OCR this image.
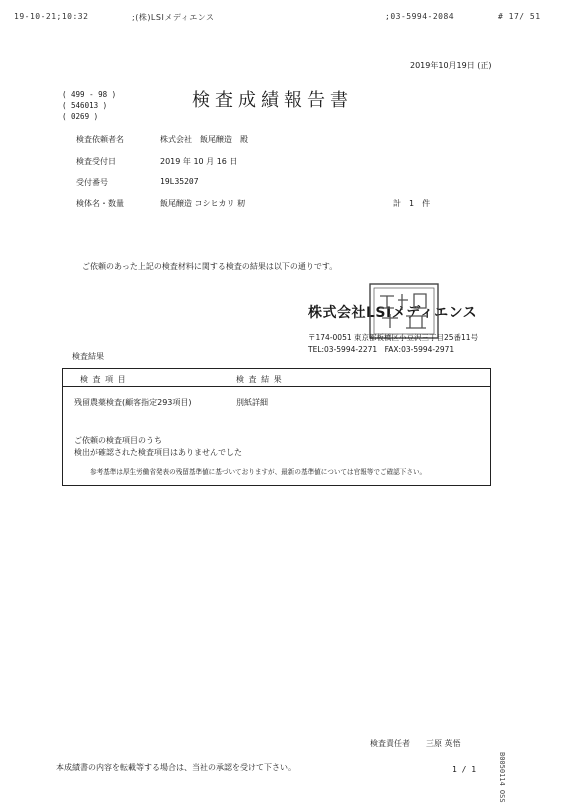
19-10-21;10:32	;(株)LSIメディエンス	;03-5994-2084	# 17/ 51
2019年10月19日 (正)
( 499 - 98 )
( 546013 )
( 0269 )
検査成績報告書
検査依頼者名	株式会社　飯尾醸造　殿
検査受付日	2019 年 10 月 16 日
受付番号	19L35207
検体名・数量	飯尾醸造 コシヒカリ 籾	計　1　件
ご依頼のあった上記の検査材料に関する検査の結果は以下の通りです。
株式会社LSIメディエンス
〒174-0051 東京都板橋区小豆沢三丁目25番11号
TEL:03-5994-2271　FAX:03-5994-2971
検査結果
検 査 項 目	検 査 結 果
残留農薬検査(顧客指定293項目)	別紙詳細
ご依頼の検査項目のうち
検出が確認された検査項目はありませんでした
参考基準は厚生労働省発表の残留基準値に基づいておりますが、最新の基準値については官報等でご確認下さい。
検査責任者 三原 英悟
本成績書の内容を転載等する場合は、当社の承認を受けて下さい。	1 / 1	B0050114 OSS
